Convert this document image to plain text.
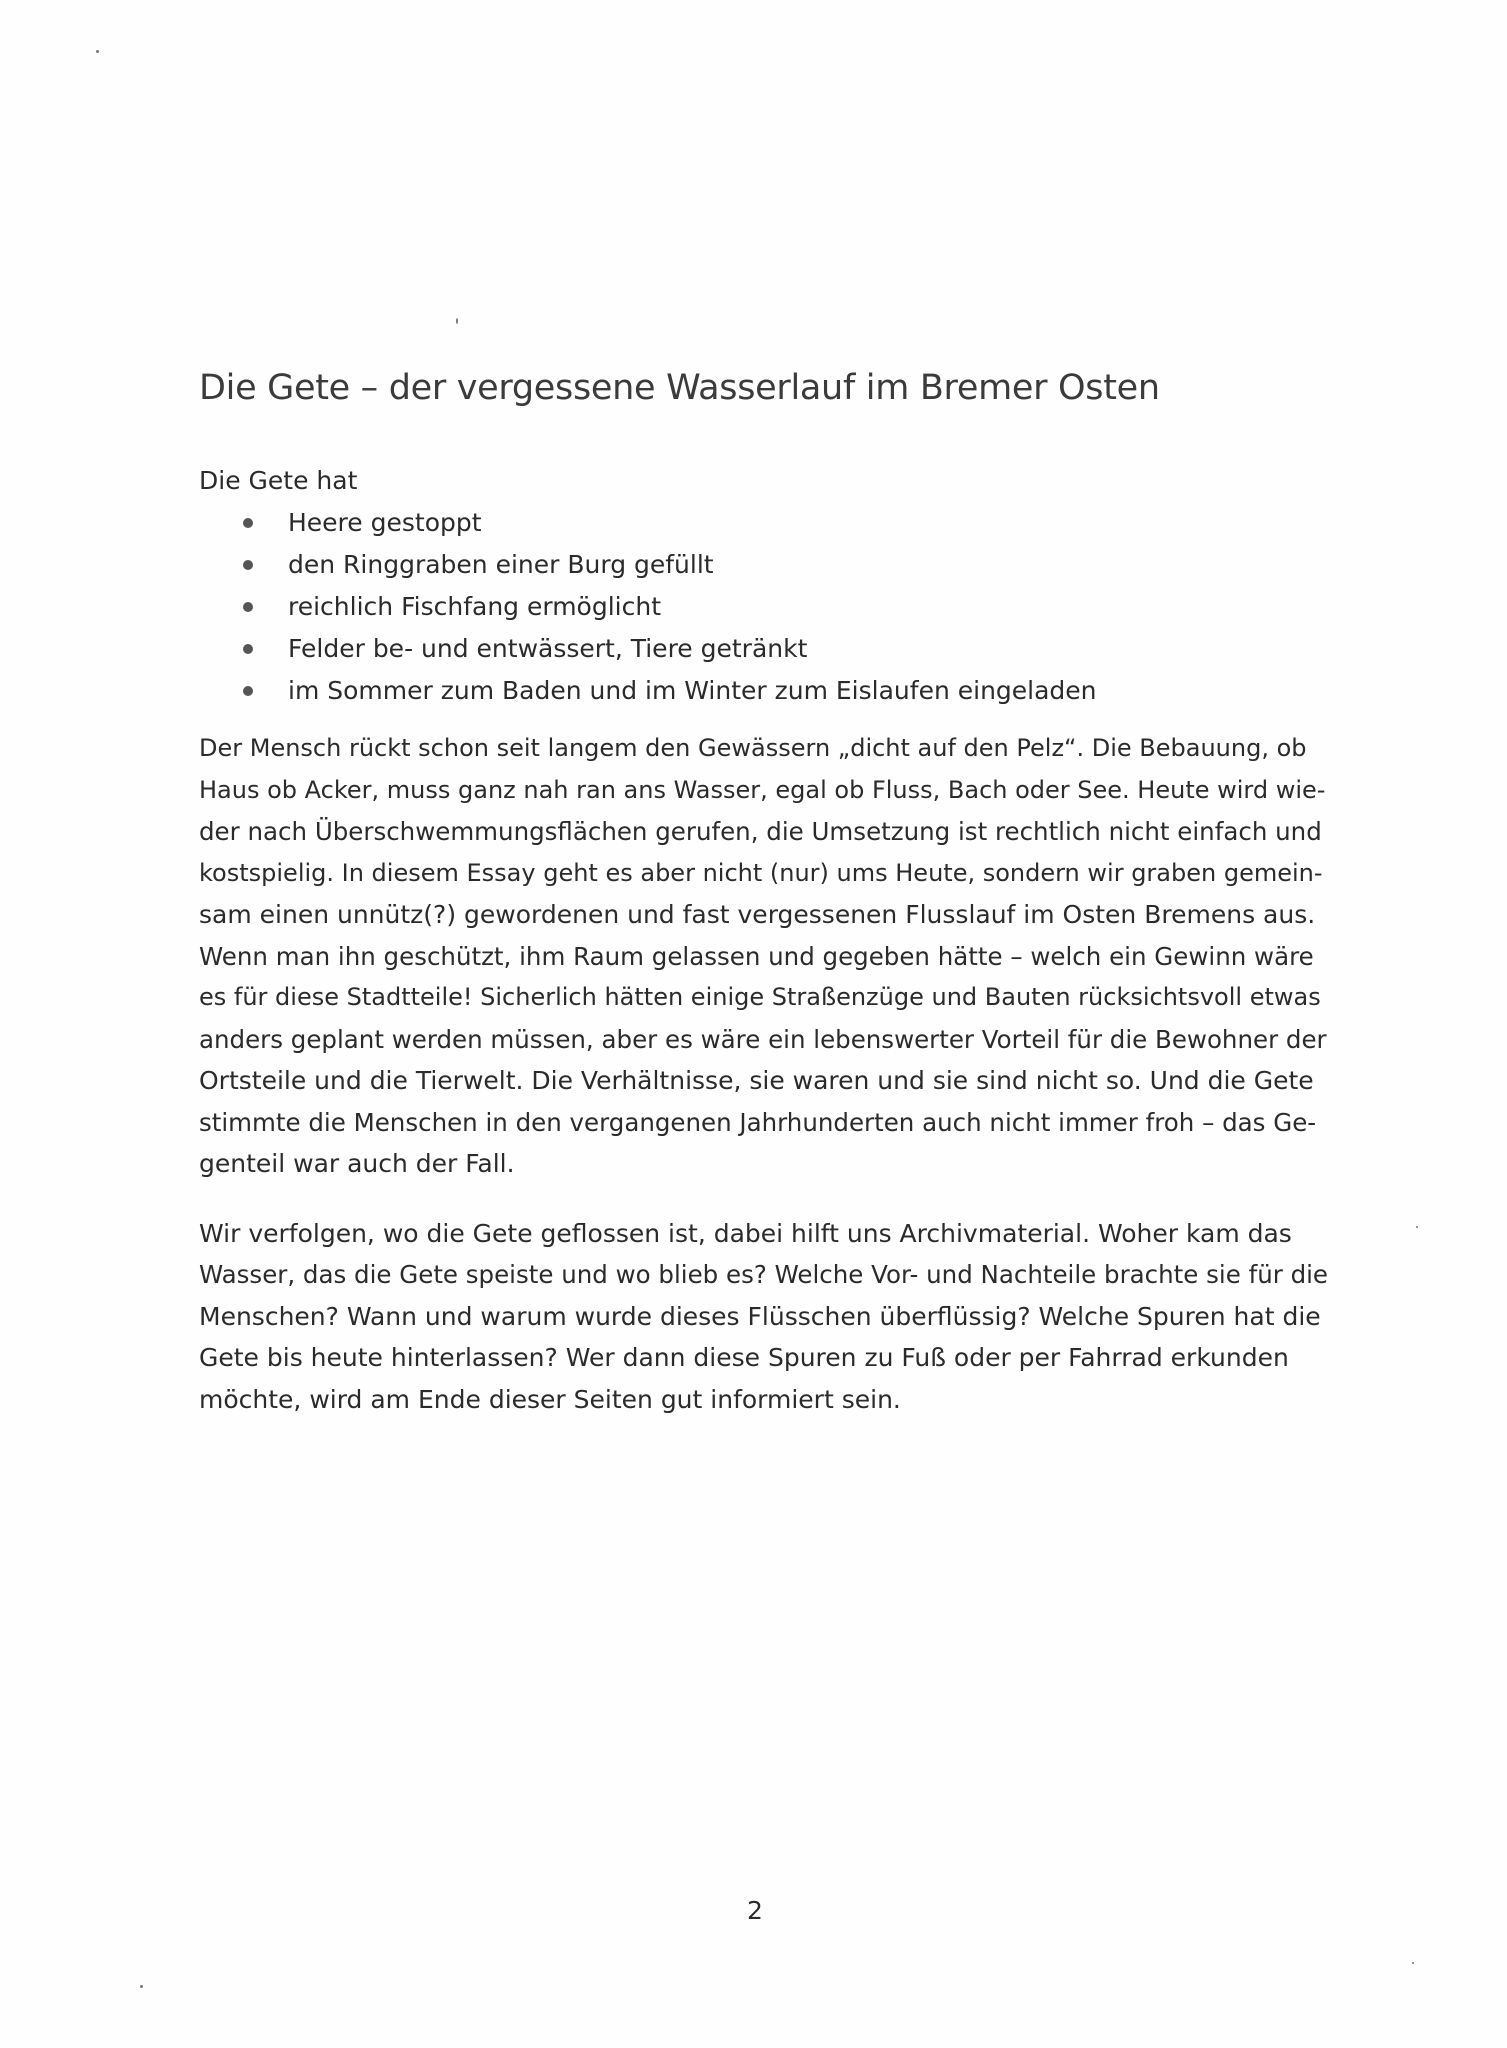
Die Gete – der vergessene Wasserlauf im Bremer Osten

Die Gete hat

Heere gestoppt
den Ringgraben einer Burg gefüllt
reichlich Fischfang ermöglicht
Felder be- und entwässert, Tiere getränkt
im Sommer zum Baden und im Winter zum Eislaufen eingeladen

Der Mensch rückt schon seit langem den Gewässern „dicht auf den Pelz“. Die Bebauung, ob
Haus ob Acker, muss ganz nah ran ans Wasser, egal ob Fluss, Bach oder See. Heute wird wie-
der nach Überschwemmungsflächen gerufen, die Umsetzung ist rechtlich nicht einfach und
kostspielig. In diesem Essay geht es aber nicht (nur) ums Heute, sondern wir graben gemein-
sam einen unnütz(?) gewordenen und fast vergessenen Flusslauf im Osten Bremens aus.
Wenn man ihn geschützt, ihm Raum gelassen und gegeben hätte – welch ein Gewinn wäre
es für diese Stadtteile! Sicherlich hätten einige Straßenzüge und Bauten rücksichtsvoll etwas
anders geplant werden müssen, aber es wäre ein lebenswerter Vorteil für die Bewohner der
Ortsteile und die Tierwelt. Die Verhältnisse, sie waren und sie sind nicht so. Und die Gete
stimmte die Menschen in den vergangenen Jahrhunderten auch nicht immer froh – das Ge-
genteil war auch der Fall.

Wir verfolgen, wo die Gete geflossen ist, dabei hilft uns Archivmaterial. Woher kam das
Wasser, das die Gete speiste und wo blieb es? Welche Vor- und Nachteile brachte sie für die
Menschen? Wann und warum wurde dieses Flüsschen überflüssig? Welche Spuren hat die
Gete bis heute hinterlassen? Wer dann diese Spuren zu Fuß oder per Fahrrad erkunden
möchte, wird am Ende dieser Seiten gut informiert sein.

2
